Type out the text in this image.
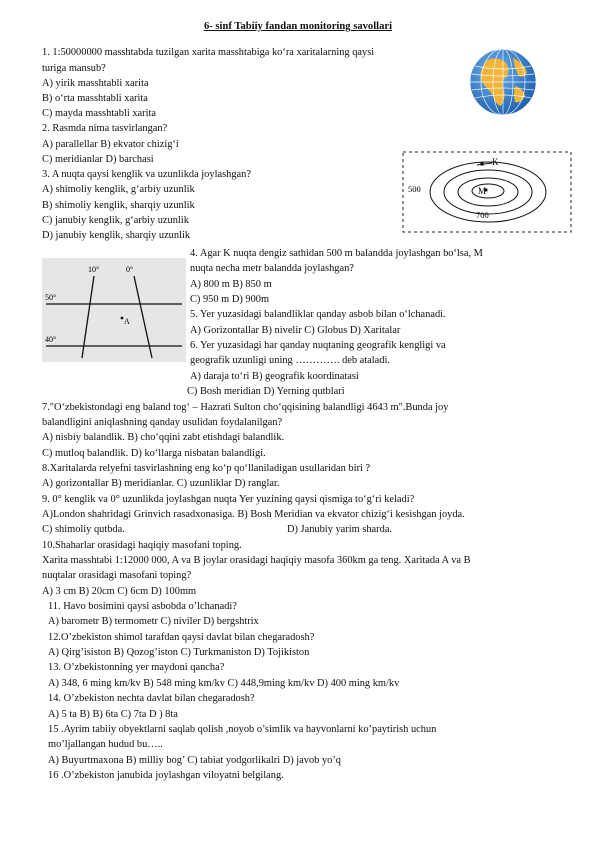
6- sinf Tabiiy fandan monitoring savollari
K
M
500
700
10°	0°
50°
40°
A
1. 1:50000000 masshtabda tuzilgan xarita masshtabiga ko‘ra xaritalarning qaysi
turiga mansub?
A) yirik masshtabli xarita
B) o‘rta masshtabli xarita
C) mayda masshtabli xarita
2. Rasmda nima tasvirlangan?
A) parallellar B) ekvator chizig‘i
C) meridianlar D) barchasi
3. A nuqta qaysi kenglik va uzunlikda joylashgan?
A) shimoliy kenglik, g‘arbiy uzunlik
B) shimoliy kenglik, sharqiy uzunlik
C) janubiy kenglik, g‘arbiy uzunlik
D) janubiy kenglik, sharqiy uzunlik
4. Agar K nuqta dengiz sathidan 500 m balandda joylashgan bo‘lsa, M
nuqta necha metr balandda joylashgan?
A) 800 m B) 850 m
C) 950 m D) 900m
5. Yer yuzasidagi balandliklar qanday asbob bilan o‘lchanadi.
A) Gorizontallar B) nivelir C) Globus D) Xaritalar
6. Yer yuzasidagi har qanday nuqtaning geografik kengligi va
geografik uzunligi uning …………. deb ataladi.
A) daraja to‘ri B) geografik koordinatasi
C) Bosh meridian D) Yerning qutblari
7."O‘zbekistondagi eng baland tog‘ – Hazrati Sulton cho‘qqisining balandligi 4643 m".Bunda joy
balandligini aniqlashning qanday usulidan foydalanilgan?
A) nisbiy balandlik. B) cho‘qqini zabt etishdagi balandlik.
C) mutloq balandlik. D) ko‘llarga nisbatan balandligi.
8.Xaritalarda relyefni tasvirlashning eng ko‘p qo‘llaniladigan usullaridan biri ?
A) gorizontallar B) meridianlar. C) uzunliklar D) ranglar.
9. 0° kenglik va 0° uzunlikda joylashgan nuqta Yer yuzining qaysi qismiga to‘g‘ri keladi?
A)London shahridagi Grinvich rasadxonasiga. B) Bosh Meridian va ekvator chizig‘i kesishgan joyda.
C) shimoliy qutbda.	D) Janubiy yarim sharda.
10.Shaharlar orasidagi haqiqiy masofani toping.
Xarita masshtabi 1:12000 000, A va B joylar orasidagi haqiqiy masofa 360km ga teng. Xaritada A va B
nuqtalar orasidagi masofani toping?
A) 3 cm B) 20cm C) 6cm D) 100mm
11. Havo bosimini qaysi asbobda o’lchanadi?
A) barometr B) termometr C) niviler D) bergshtrix
12.O’zbekiston shimol tarafdan qaysi davlat bilan chegaradosh?
A) Qirg’isiston B) Qozog’iston C) Turkmaniston D) Tojikiston
13. O’zbekistonning yer maydoni qancha?
A) 348, 6 ming km/kv B) 548 ming km/kv C) 448,9ming km/kv D) 400 ming km/kv
14. O’zbekiston nechta davlat bilan chegaradosh?
A) 5 ta B) B) 6ta C) 7ta D ) 8ta
15 .Ayrim tabiiy obyektlarni saqlab qolish ,noyob o’simlik va hayvonlarni ko’paytirish uchun
mo’ljallangan hudud bu…..
A) Buyurtmaxona B) milliy bog’ C) tabiat yodgorlikalri D) javob yo’q
16 .O’zbekiston janubida joylashgan viloyatni belgilang.
